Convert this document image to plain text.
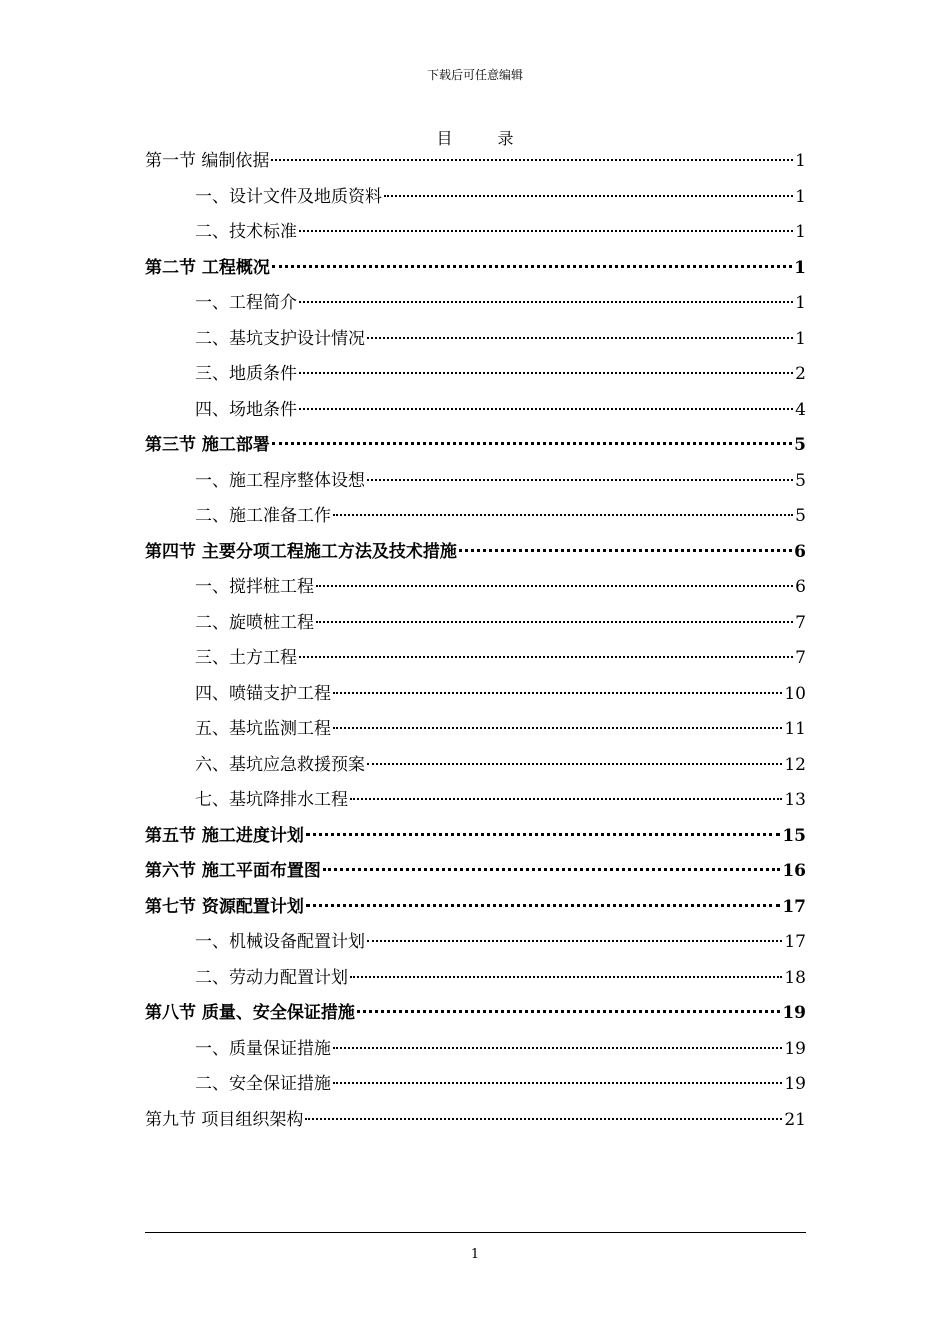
下载后可任意编辑
目 录
第一节 编制依据	1
一、设计文件及地质资料	1
二、技术标准	1
第二节 工程概况	1
一、工程简介	1
二、基坑支护设计情况	1
三、地质条件	2
四、场地条件	4
第三节 施工部署	5
一、施工程序整体设想	5
二、施工准备工作	5
第四节 主要分项工程施工方法及技术措施	6
一、搅拌桩工程	6
二、旋喷桩工程	7
三、土方工程	7
四、喷锚支护工程	10
五、基坑监测工程	11
六、基坑应急救援预案	12
七、基坑降排水工程	13
第五节 施工进度计划	15
第六节 施工平面布置图	16
第七节 资源配置计划	17
一、机械设备配置计划	17
二、劳动力配置计划	18
第八节 质量、安全保证措施	19
一、质量保证措施	19
二、安全保证措施	19
第九节 项目组织架构	21
1
